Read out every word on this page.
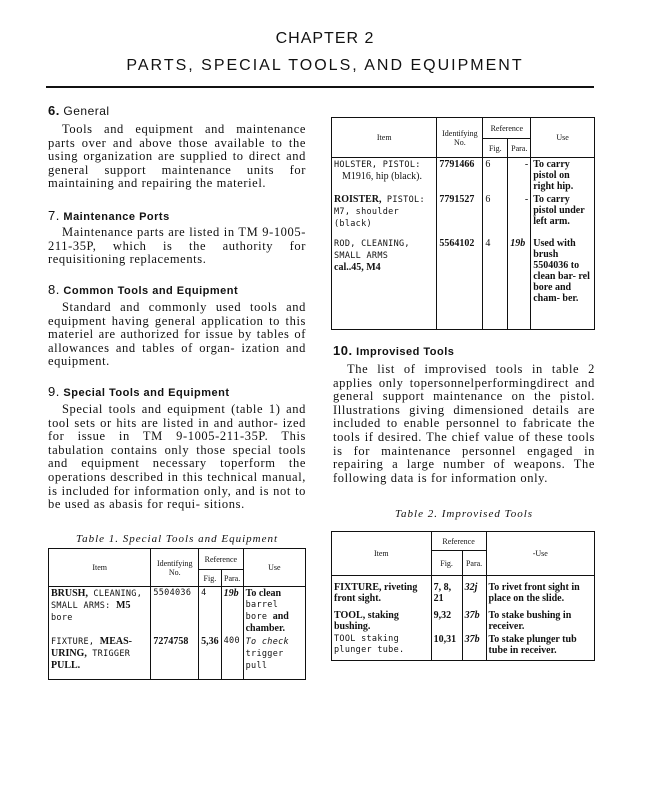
CHAPTER 2
PARTS, SPECIAL TOOLS, AND EQUIPMENT
6. General
Tools and equipment and maintenance parts over and above those available to the using organization are supplied to direct and general support maintenance units for maintaining and repairing the materiel.
7. Maintenance Ports
Maintenance parts are listed in TM 9-1005-211-35P, which is the authority for requisitioning replacements.
8. Common Tools and Equipment
Standard and commonly used tools and equipment having general application to this materiel are authorized for issue by tables of allowances and tables of organ- ization and equipment.
9. Special Tools and Equipment
Special tools and equipment (table 1) and tool sets or hits are listed in and author- ized for issue in TM 9-1005-211-35P. This tabulation contains only those special tools and equipment necessary toperform the operations described in this technical manual, is included for information only, and is not to be used as abasis for requi- sitions.
Table 1. Special Tools and Equipment
Item	Identifying No.	Reference		Use
		Fig.	Para.	
BRUSH, CLEANING, SMALL ARMS: M5
bore	5504036	4	19b	To clean
barrel bore and chamber.
FIXTURE, MEAS-URING, TRIGGER PULL.	7274758	5,36	400	To check
trigger pull
Item	Identifying No.	Reference		Use
		Fig.	Para.	
HOLSTER, PISTOL:
M1916, hip (black).	7791466	6	-	To carry pistol on right hip.
ROISTER, PISTOL: M7, shoulder (black)	7791527	6	-	To carry pistol under left arm.
ROD, CLEANING, SMALL ARMS
cal..45, M4	5564102	4	19b	Used with brush 5504036 to clean bar- rel bore and cham- ber.
10. Improvised Tools
The list of improvised tools in table 2 applies only topersonnelperformingdirect and general support maintenance on the pistol. Illustrations giving dimensioned details are included to enable personnel to fabricate the tools if desired. The chief value of these tools is for maintenance personnel engaged in repairing a large number of weapons. The following data is for information only.
Table 2. Improvised Tools
Item	Reference		-Use
	Fig.	Para.	
FIXTURE, riveting front sight.	7, 8, 21	32j	To rivet front sight in place on the slide.
TOOL, staking bushing.	9,32	37b	To stake bushing in receiver.
TOOL staking plunger tube.	10,31	37b	To stake plunger tub tube in receiver.
